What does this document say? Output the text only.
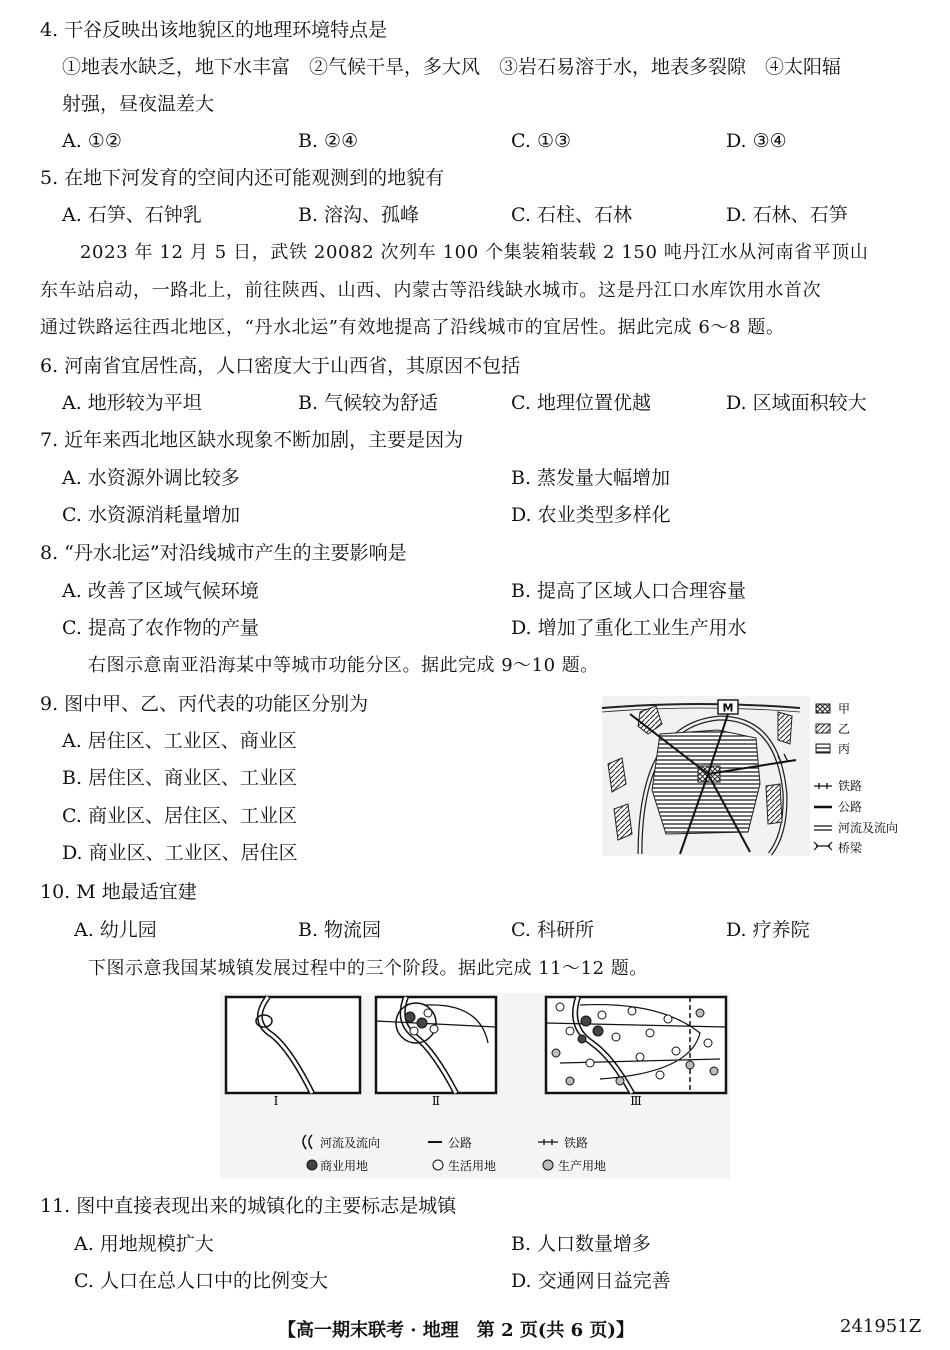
4. 干谷反映出该地貌区的地理环境特点是
①地表水缺乏，地下水丰富　②气候干旱，多大风　③岩石易溶于水，地表多裂隙　④太阳辐
射强，昼夜温差大
A. ①②	B. ②④	C. ①③	D. ③④
5. 在地下河发育的空间内还可能观测到的地貌有
A. 石笋、石钟乳	B. 溶沟、孤峰	C. 石柱、石林	D. 石林、石笋
2023 年 12 月 5 日，武铁 20082 次列车 100 个集装箱装载 2 150 吨丹江水从河南省平顶山
东车站启动，一路北上，前往陕西、山西、内蒙古等沿线缺水城市。这是丹江口水库饮用水首次
通过铁路运往西北地区，“丹水北运”有效地提高了沿线城市的宜居性。据此完成 6～8 题。
6. 河南省宜居性高，人口密度大于山西省，其原因不包括
A. 地形较为平坦	B. 气候较为舒适	C. 地理位置优越	D. 区域面积较大
7. 近年来西北地区缺水现象不断加剧，主要是因为
A. 水资源外调比较多	B. 蒸发量大幅增加
C. 水资源消耗量增加	D. 农业类型多样化
8. “丹水北运”对沿线城市产生的主要影响是
A. 改善了区域气候环境	B. 提高了区域人口合理容量
C. 提高了农作物的产量	D. 增加了重化工业生产用水
右图示意南亚沿海某中等城市功能分区。据此完成 9～10 题。
9. 图中甲、乙、丙代表的功能区分别为
A. 居住区、工业区、商业区
B. 居住区、商业区、工业区
C. 商业区、居住区、工业区
D. 商业区、工业区、居住区
M	甲
乙
丙
铁路
公路
河流及流向
桥梁
10. M 地最适宜建
A. 幼儿园	B. 物流园	C. 科研所	D. 疗养院
下图示意我国某城镇发展过程中的三个阶段。据此完成 11～12 题。
Ⅰ	Ⅱ	Ⅲ
河流及流向	公路	铁路
商业用地	生活用地	生产用地
11. 图中直接表现出来的城镇化的主要标志是城镇
A. 用地规模扩大	B. 人口数量增多
C. 人口在总人口中的比例变大	D. 交通网日益完善
【高一期末联考 · 地理　第 2 页(共 6 页)】	241951Z
